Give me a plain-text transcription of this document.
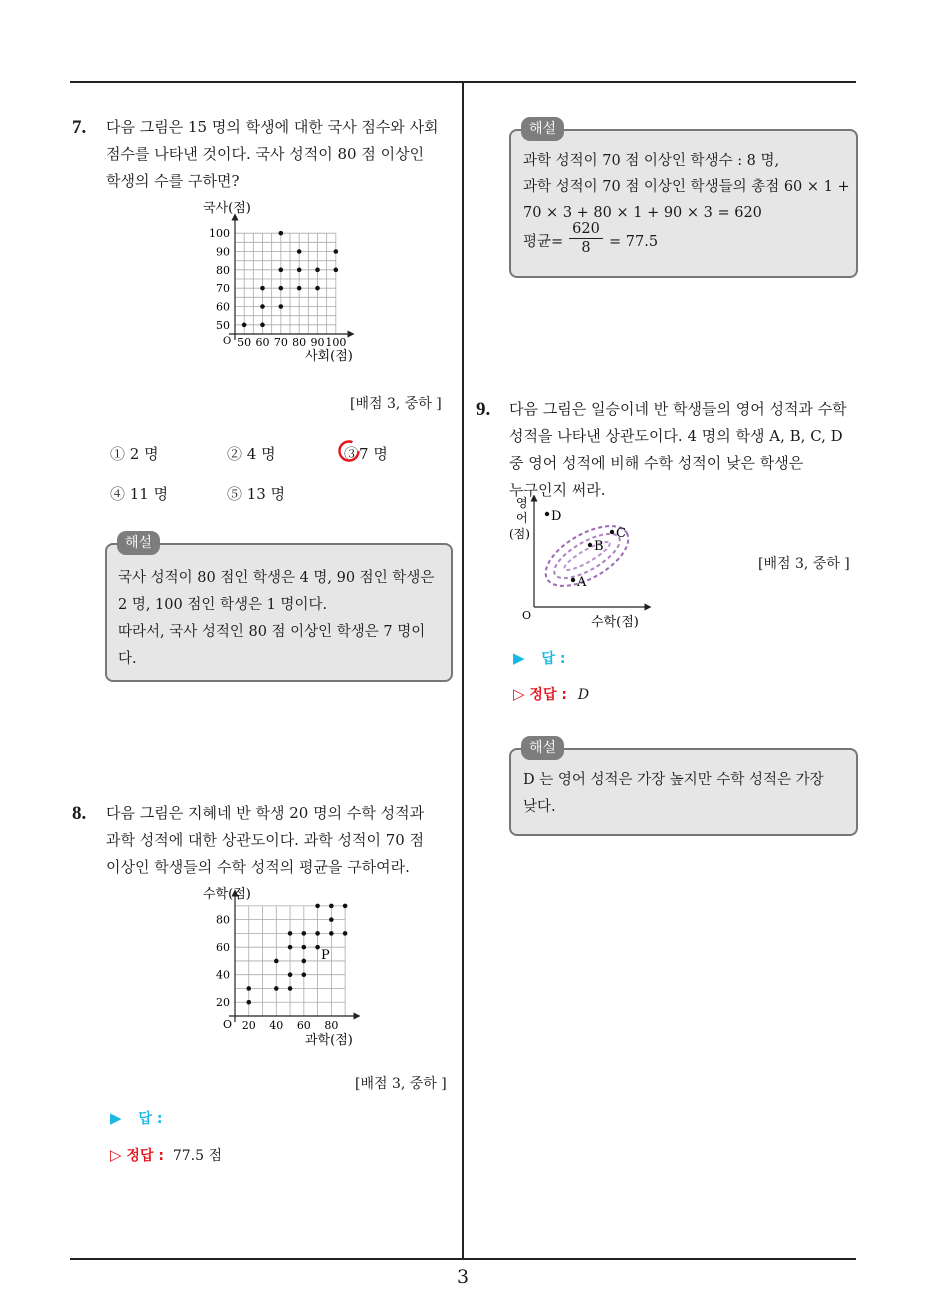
3
7. 다음 그림은 15 명의 학생에 대한 국사 점수와 사회
점수를 나타낸 것이다. 국사 성적이 80 점 이상인
학생의 수를 구하면?
국사(점)
사회(점)
O 50 60 70 80 90 100
100
90
80
70
60
50
[배점 3, 중하 ]
① 2 명	② 4 명	③7 명
④ 11 명	⑤ 13 명
국사 성적이 80 점인 학생은 4 명, 90 점인 학생은
2 명, 100 점인 학생은 1 명이다.
따라서, 국사 성적인 80 점 이상인 학생은 7 명이
다.
해설
8. 다음 그림은 지혜네 반 학생 20 명의 수학 성적과
과학 성적에 대한 상관도이다. 과학 성적이 70 점
이상인 학생들의 수학 성적의 평균을 구하여라.
수학(점)
과학(점)
O
P
20 40 60 80
80
60
40
20
[배점 3, 중하 ]
▶ 답 :
▷ 정답 : 77.5 점
과학 성적이 70 점 이상인 학생수 : 8 명,
과학 성적이 70 점 이상인 학생들의 총점 60 × 1 +
70 × 3 + 80 × 1 + 90 × 3 = 620
평균= $\frac{620}{8} = 77.5$
해설
9. 다음 그림은 일승이네 반 학생들의 영어 성적과 수학
성적을 나타낸 상관도이다. 4 명의 학생 A, B, C, D
중 영어 성적에 비해 수학 성적이 낮은 학생은
누구인지 써라.
영
어
(점)
O	수학(점)
D
C
B
A
[배점 3, 중하 ]
▶ 답 :
▷ 정답 : D
D 는 영어 성적은 가장 높지만 수학 성적은 가장
낮다.
해설
